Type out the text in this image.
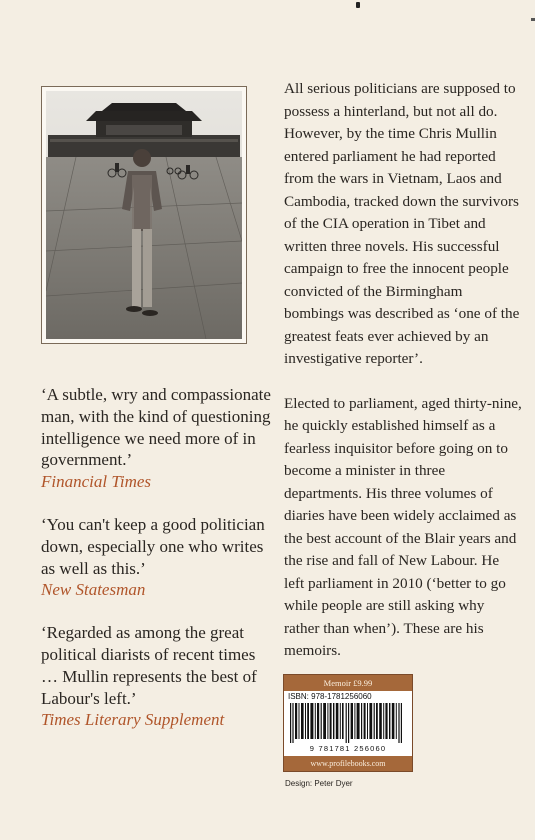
All serious politicians are supposed to possess a hinterland, but not all do. However, by the time Chris Mullin entered parliament he had reported from the wars in Vietnam, Laos and Cambodia, tracked down the survivors of the CIA operation in Tibet and written three novels. His successful campaign to free the innocent people convicted of the Birmingham bombings was described as ‘one of the greatest feats ever achieved by an investigative reporter’.

Elected to parliament, aged thirty-nine, he quickly established himself as a fearless inquisitor before going on to become a minister in three departments. His three volumes of diaries have been widely acclaimed as the best account of the Blair years and the rise and fall of New Labour. He left parliament in 2010 (‘better to go while people are still asking why rather than when’). These are his memoirs.

‘A subtle, wry and compassionate man, with the kind of questioning intelligence we need more of in government.’
Financial Times
‘You can't keep a good politician down, especially one who writes as well as this.’
New Statesman
‘Regarded as among the great political diarists of recent times … Mullin represents the best of Labour's left.’
Times Literary Supplement
Memoir £9.99
ISBN: 978-1781256060
9 781781 256060
www.profilebooks.com
Design: Peter Dyer
